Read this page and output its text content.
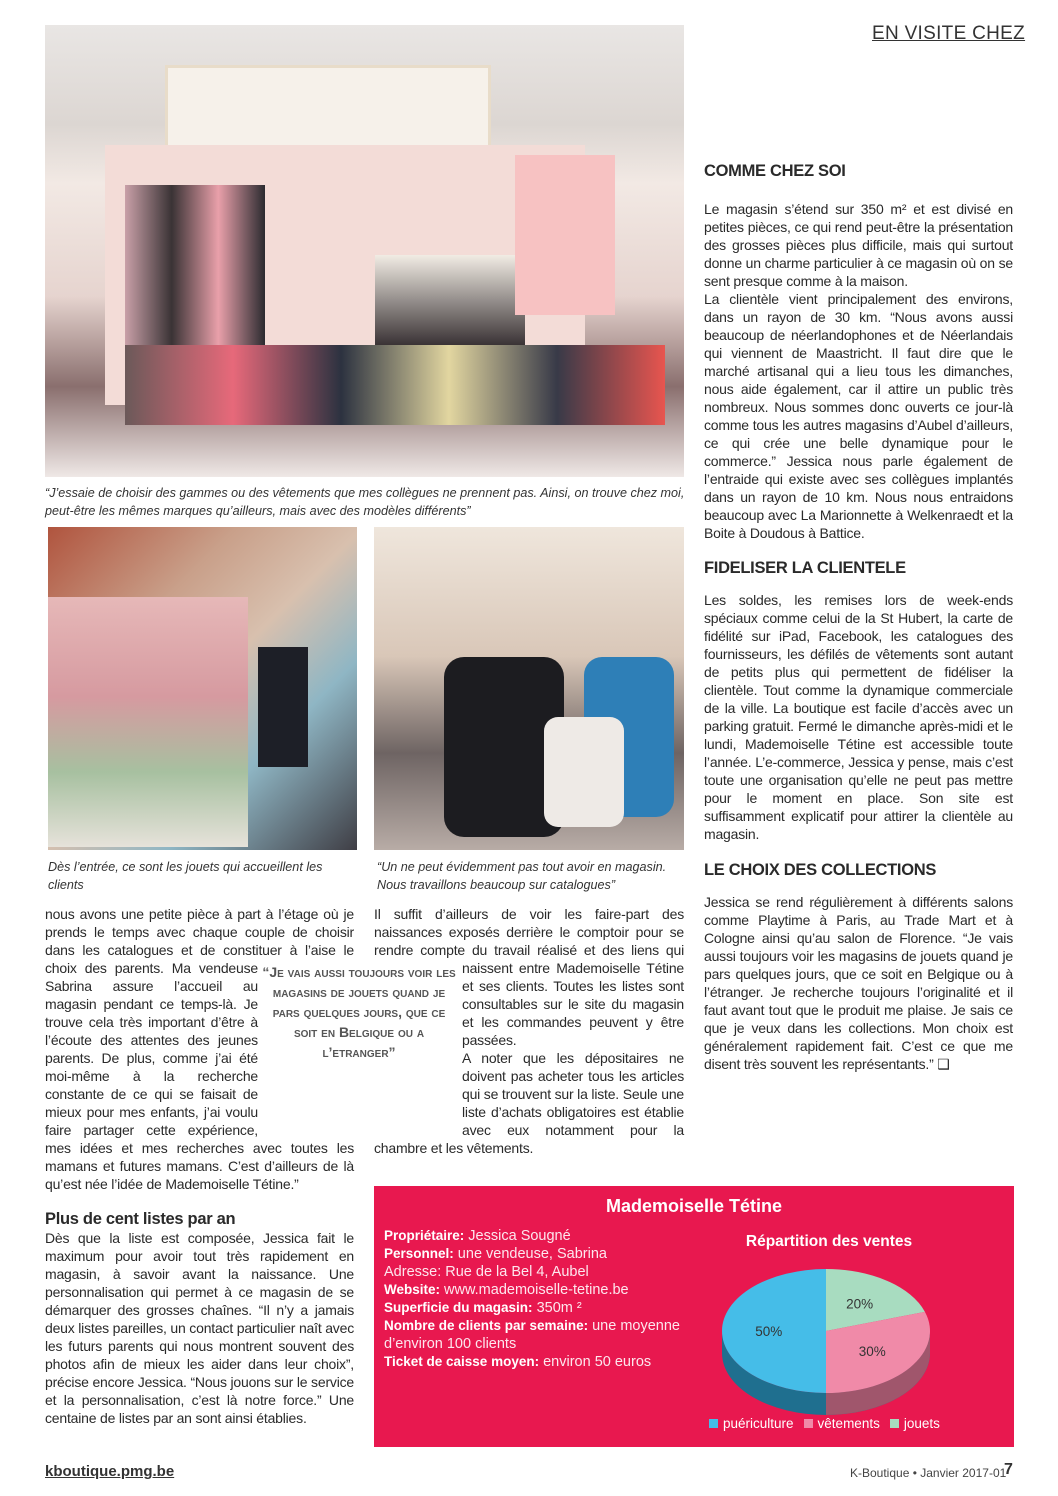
EN VISITE CHEZ
“J’essaie de choisir des gammes ou des vêtements que mes collègues ne prennent pas. Ainsi, on trouve chez moi, peut-être les mêmes marques qu’ailleurs, mais avec des modèles différents”
Dès l’entrée, ce sont les jouets qui accueillent les clients
“Un ne peut évidemment pas tout avoir en magasin. Nous travaillons beaucoup sur catalogues”

nous avons une petite pièce à part à l’étage où je prends le temps avec chaque couple de choisir dans les catalogues et de constituer à l’aise le choix des parents. Ma vendeuse Sabrina assure l’accueil au magasin pendant ce temps-là. Je trouve cela très important d’être à l’écoute des attentes des jeunes parents. De plus, comme j’ai été moi-même à la recherche constante de ce qui se faisait de mieux pour mes enfants, j’ai voulu faire partager cette expérience, mes idées et mes recherches avec toutes les mamans et futures mamans. C’est d’ailleurs de là qu’est née l’idée de Mademoiselle Tétine.”

Plus de cent listes par an

Dès que la liste est composée, Jessica fait le maximum pour avoir tout très rapidement en magasin, à savoir avant la naissance. Une personnalisation qui permet à ce magasin de se démarquer des grosses chaînes. “Il n’y a jamais deux listes pareilles, un contact particulier naît avec les futurs parents qui nous montrent souvent des photos afin de mieux les aider dans leur choix”, précise encore Jessica. “Nous jouons sur le service et la personnalisation, c’est là notre force.” Une centaine de listes par an sont ainsi établies.

“Je vais aussi toujours voir les magasins de jouets quand je pars quelques jours, que ce soit en Belgique ou a l’etranger”

Il suffit d’ailleurs de voir les faire-part des naissances exposés derrière le comptoir pour se rendre compte du travail réalisé et des liens qui naissent entre Mademoiselle Tétine et ses clients. Toutes les listes sont consultables sur le site du magasin et les commandes peuvent y être passées.

A noter que les dépositaires ne doivent pas acheter tous les articles qui se trouvent sur la liste. Seule une liste d’achats obligatoires est établie avec eux notamment pour la chambre et les vêtements.

COMME CHEZ SOI

Le magasin s’étend sur 350 m² et est divisé en petites pièces, ce qui rend peut-être la présentation des grosses pièces plus difficile, mais qui surtout donne un charme particulier à ce magasin où on se sent presque comme à la maison.

La clientèle vient principalement des environs, dans un rayon de 30 km. “Nous avons aussi beaucoup de néerlandophones et de Néerlandais qui viennent de Maastricht. Il faut dire que le marché artisanal qui a lieu tous les dimanches, nous aide également, car il attire un public très nombreux. Nous sommes donc ouverts ce jour-là comme tous les autres magasins d’Aubel d’ailleurs, ce qui crée une belle dynamique pour le commerce.” Jessica nous parle également de l’entraide qui existe avec ses collègues implantés dans un rayon de 10 km. Nous nous entraidons beaucoup avec La Marionnette à Welkenraedt et la Boite à Doudous à Battice.

FIDELISER LA CLIENTELE

Les soldes, les remises lors de week-ends spéciaux comme celui de la St Hubert, la carte de fidélité sur iPad, Facebook, les catalogues des fournisseurs, les défilés de vêtements sont autant de petits plus qui permettent de fidéliser la clientèle. Tout comme la dynamique commerciale de la ville. La boutique est facile d’accès avec un parking gratuit. Fermé le dimanche après-midi et le lundi, Mademoiselle Tétine est accessible toute l’année. L’e-commerce, Jessica y pense, mais c’est toute une organisation qu’elle ne peut pas mettre pour le moment en place. Son site est suffisamment explicatif pour attirer la clientèle au magasin.

LE CHOIX DES COLLECTIONS

Jessica se rend régulièrement à différents salons comme Playtime à Paris, au Trade Mart et à Cologne ainsi qu’au salon de Florence. “Je vais aussi toujours voir les magasins de jouets quand je pars quelques jours, que ce soit en Belgique ou à l’étranger. Je recherche toujours l’originalité et il faut avant tout que le produit me plaise. Je sais ce que je veux dans les collections. Mon choix est généralement rapidement fait. C’est ce que me disent très souvent les représentants.” ❑

Mademoiselle Tétine
Propriétaire: Jessica Sougné
Personnel: une vendeuse, Sabrina
Adresse: Rue de la Bel 4, Aubel
Website: www.mademoiselle-tetine.be
Superficie du magasin: 350m ²
Nombre de clients par semaine: une moyenne d’environ 100 clients
Ticket de caisse moyen: environ 50 euros
Répartition des ventes
20%
30%
50%
puériculture vêtements jouets
kboutique.pmg.be	K-Boutique • Janvier 2017-01
7
